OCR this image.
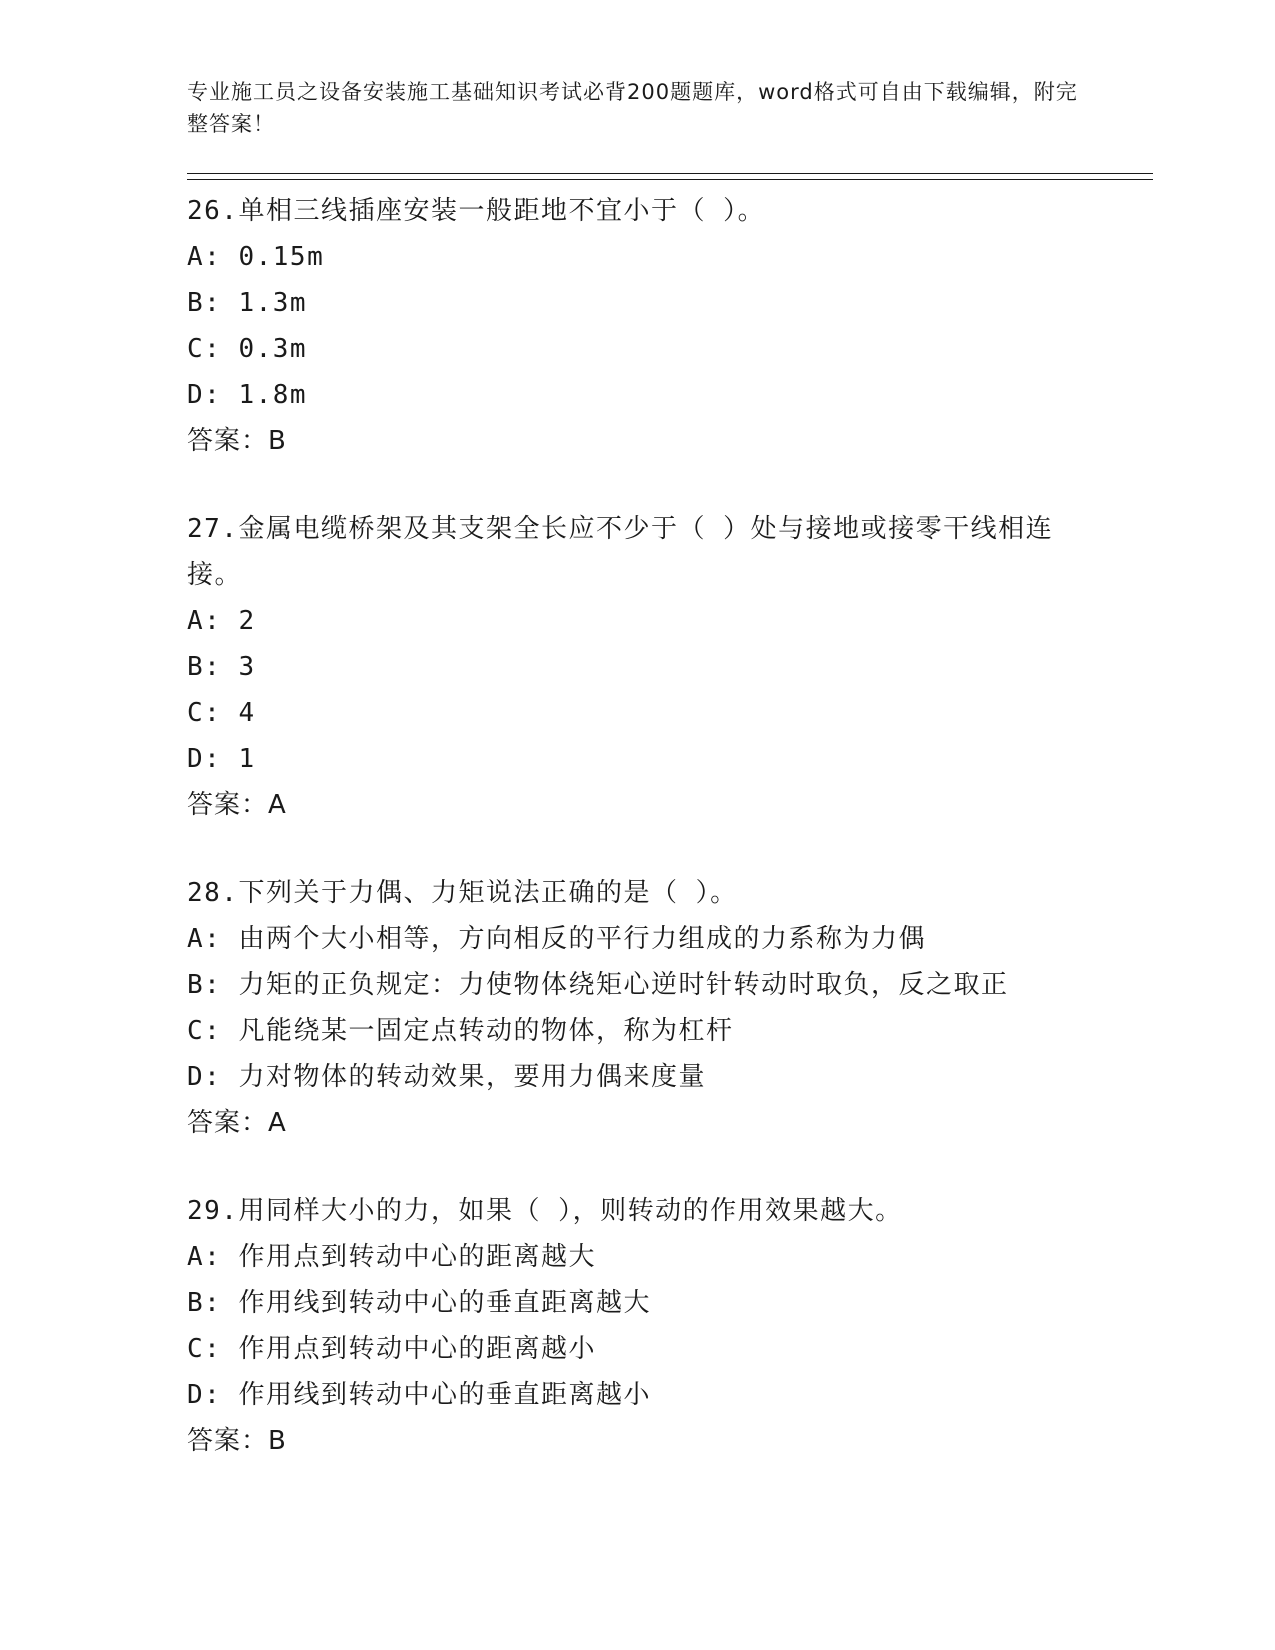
专业施工员之设备安装施工基础知识考试必背200题题库，word格式可自由下载编辑，附完整答案！
26.单相三线插座安装一般距地不宜小于（ ）。
A: 0.15m
B: 1.3m
C: 0.3m
D: 1.8m
答案：B
27.金属电缆桥架及其支架全长应不少于（ ）处与接地或接零干线相连接。
A: 2
B: 3
C: 4
D: 1
答案：A
28.下列关于力偶、力矩说法正确的是（ ）。
A: 由两个大小相等，方向相反的平行力组成的力系称为力偶
B: 力矩的正负规定：力使物体绕矩心逆时针转动时取负，反之取正
C: 凡能绕某一固定点转动的物体，称为杠杆
D: 力对物体的转动效果，要用力偶来度量
答案：A
29.用同样大小的力，如果（ ），则转动的作用效果越大。
A: 作用点到转动中心的距离越大
B: 作用线到转动中心的垂直距离越大
C: 作用点到转动中心的距离越小
D: 作用线到转动中心的垂直距离越小
答案：B
